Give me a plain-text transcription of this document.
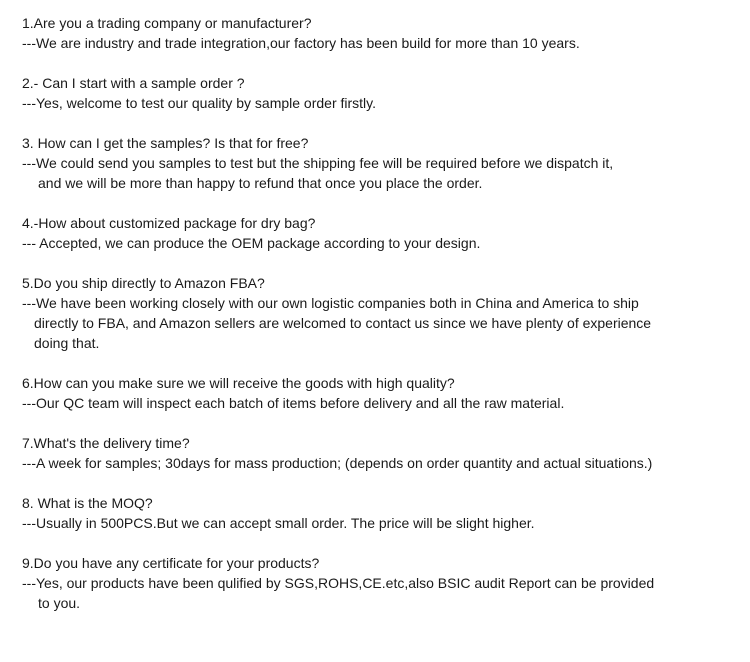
1.Are you a trading company or manufacturer?
---We are industry and trade integration,our factory has been build for more than 10 years.
2.- Can I start with a sample order ?
---Yes, welcome to test our quality by sample order firstly.
3. How can I get the samples? Is that for free?
---We could send you samples to test but the shipping fee will be required before we dispatch it,
and we will be more than happy to refund that once you place the order.
4.-How about customized package for dry bag?
--- Accepted, we can produce the OEM package according to your design.
5.Do you ship directly to Amazon FBA?
---We have been working closely with our own logistic companies both in China and America to ship
directly to FBA, and Amazon sellers are welcomed to contact us since we have plenty of experience
doing that.
6.How can you make sure we will receive the goods with high quality?
---Our QC team will inspect each batch of items before delivery and all the raw material.
7.What's the delivery time?
---A week for samples; 30days for mass production; (depends on order quantity and actual situations.)
8. What is the MOQ?
---Usually in 500PCS.But we can accept small order. The price will be slight higher.
9.Do you have any certificate for your products?
---Yes, our products have been qulified by SGS,ROHS,CE.etc,also BSIC audit Report can be provided
to you.
